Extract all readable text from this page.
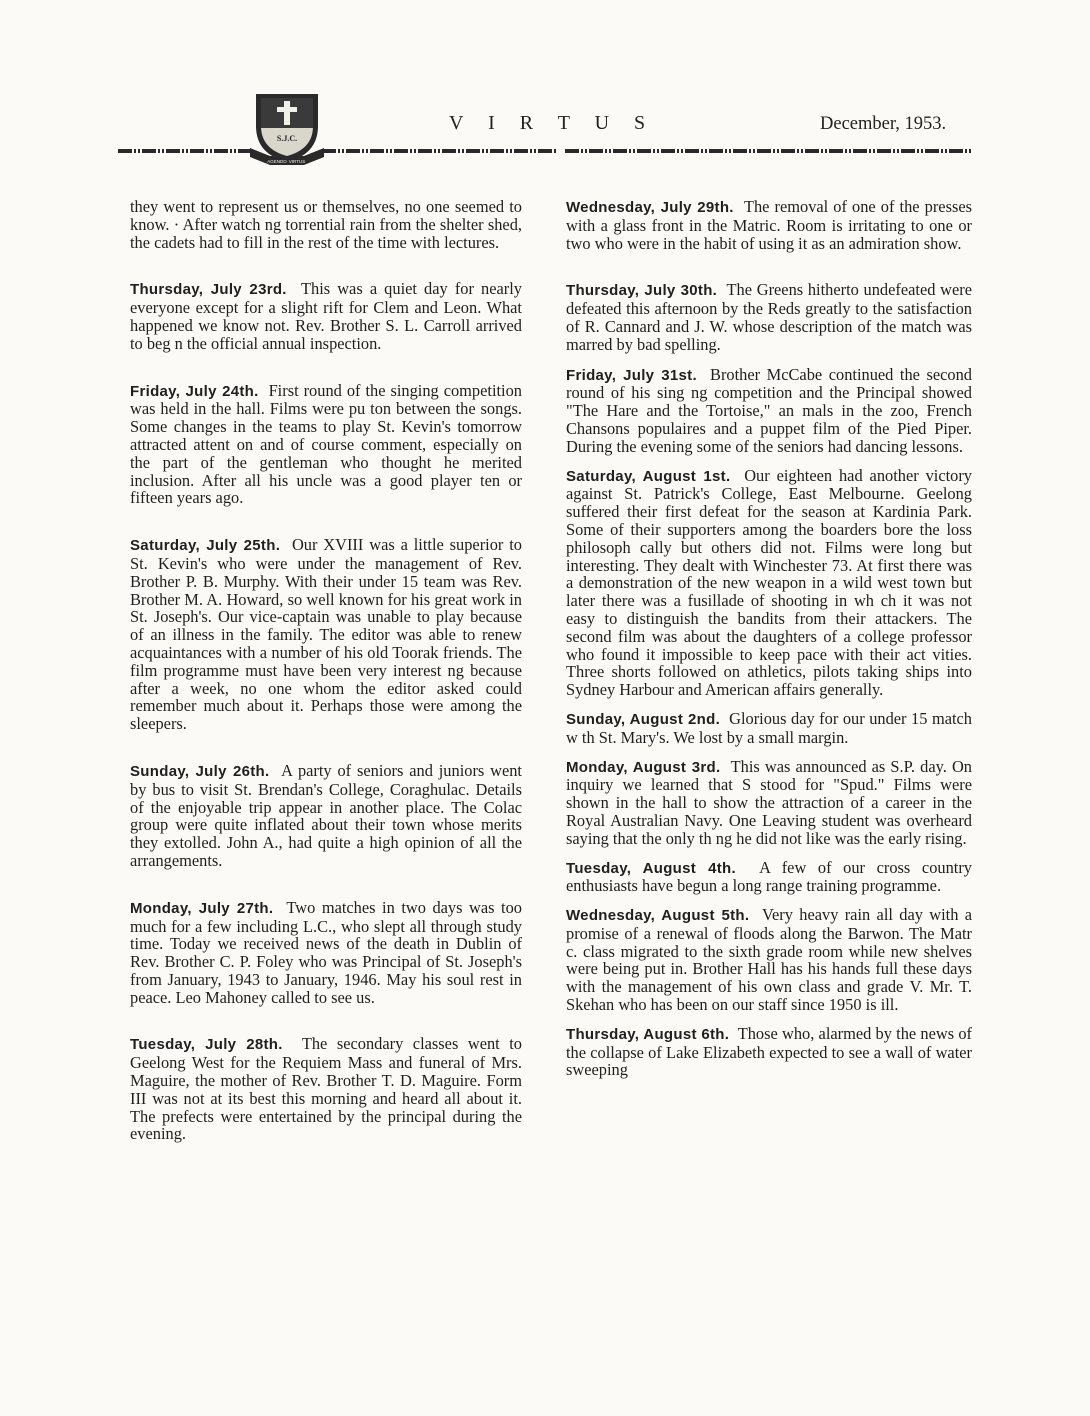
S.J.C.
AGENDO VIRTUS
V I R T U S	December, 1953.

they went to represent us or themselves, no one seemed to know. · After watch ng torrential rain from the shelter shed, the cadets had to fill in the rest of the time with lectures.

Thursday, July 23rd. This was a quiet day for nearly everyone except for a slight rift for Clem and Leon. What happened we know not. Rev. Brother S. L. Carroll arrived to beg n the official annual inspection.

Friday, July 24th. First round of the singing competition was held in the hall. Films were pu ton between the songs. Some changes in the teams to play St. Kevin's tomorrow attracted attent on and of course comment, especially on the part of the gentleman who thought he merited inclusion. After all his uncle was a good player ten or fifteen years ago.

Saturday, July 25th. Our XVIII was a little superior to St. Kevin's who were under the management of Rev. Brother P. B. Murphy. With their under 15 team was Rev. Brother M. A. Howard, so well known for his great work in St. Joseph's. Our vice-captain was unable to play because of an illness in the family. The editor was able to renew acquaintances with a number of his old Toorak friends. The film programme must have been very interest ng because after a week, no one whom the editor asked could remember much about it. Perhaps those were among the sleepers.

Sunday, July 26th. A party of seniors and juniors went by bus to visit St. Brendan's College, Coraghulac. Details of the enjoyable trip appear in another place. The Colac group were quite inflated about their town whose merits they extolled. John A., had quite a high opinion of all the arrangements.

Monday, July 27th. Two matches in two days was too much for a few including L.C., who slept all through study time. Today we received news of the death in Dublin of Rev. Brother C. P. Foley who was Principal of St. Joseph's from January, 1943 to January, 1946. May his soul rest in peace. Leo Mahoney called to see us.

Tuesday, July 28th. The secondary classes went to Geelong West for the Requiem Mass and funeral of Mrs. Maguire, the mother of Rev. Brother T. D. Maguire. Form III was not at its best this morning and heard all about it. The prefects were entertained by the principal during the evening.

Wednesday, July 29th. The removal of one of the presses with a glass front in the Matric. Room is irritating to one or two who were in the habit of using it as an admiration show.

Thursday, July 30th. The Greens hitherto undefeated were defeated this afternoon by the Reds greatly to the satisfaction of R. Cannard and J. W. whose description of the match was marred by bad spelling.

Friday, July 31st. Brother McCabe continued the second round of his sing ng competition and the Principal showed "The Hare and the Tortoise," an mals in the zoo, French Chansons populaires and a puppet film of the Pied Piper. During the evening some of the seniors had dancing lessons.

Saturday, August 1st. Our eighteen had another victory against St. Patrick's College, East Melbourne. Geelong suffered their first defeat for the season at Kardinia Park. Some of their supporters among the boarders bore the loss philosoph cally but others did not. Films were long but interesting. They dealt with Winchester 73. At first there was a demonstration of the new weapon in a wild west town but later there was a fusillade of shooting in wh ch it was not easy to distinguish the bandits from their attackers. The second film was about the daughters of a college professor who found it impossible to keep pace with their act vities. Three shorts followed on athletics, pilots taking ships into Sydney Harbour and American affairs generally.

Sunday, August 2nd. Glorious day for our under 15 match w th St. Mary's. We lost by a small margin.

Monday, August 3rd. This was announced as S.P. day. On inquiry we learned that S stood for "Spud." Films were shown in the hall to show the attraction of a career in the Royal Australian Navy. One Leaving student was overheard saying that the only th ng he did not like was the early rising.

Tuesday, August 4th. A few of our cross country enthusiasts have begun a long range training programme.

Wednesday, August 5th. Very heavy rain all day with a promise of a renewal of floods along the Barwon. The Matr c. class migrated to the sixth grade room while new shelves were being put in. Brother Hall has his hands full these days with the management of his own class and grade V. Mr. T. Skehan who has been on our staff since 1950 is ill.

Thursday, August 6th. Those who, alarmed by the news of the collapse of Lake Elizabeth expected to see a wall of water sweeping
